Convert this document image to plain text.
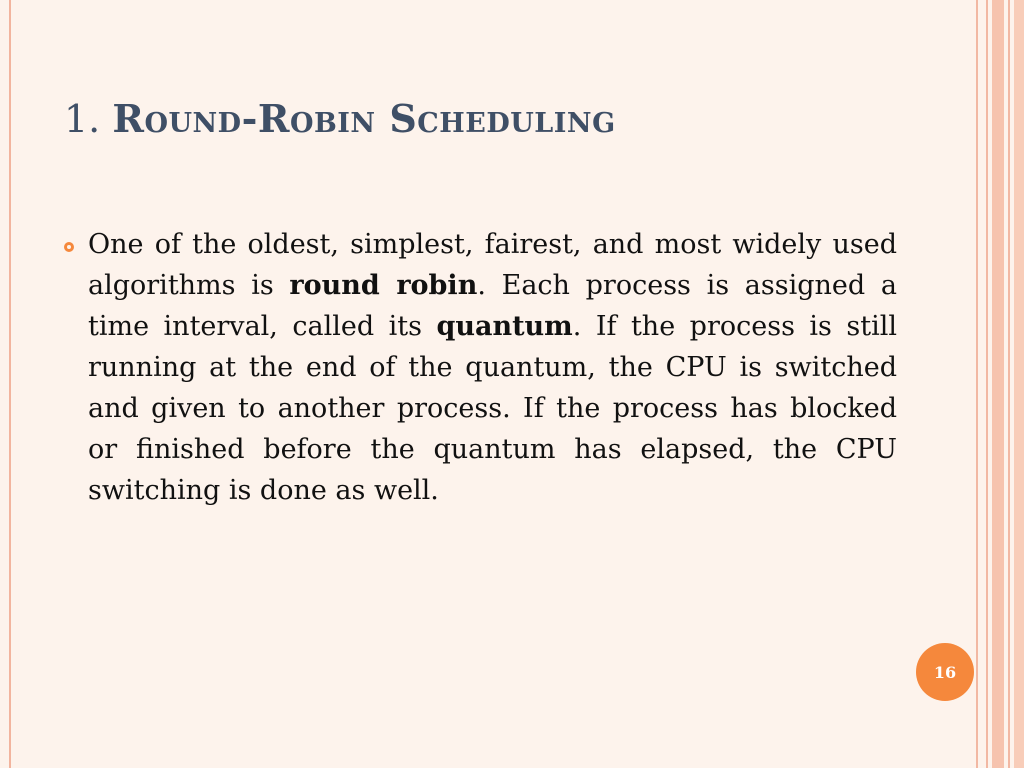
1. Round-Robin Scheduling

One of the oldest, simplest, fairest, and most widely used algorithms is round robin. Each process is assigned a time interval, called its quantum. If the process is still running at the end of the quantum, the CPU is switched and given to another process. If the process has blocked or finished before the quantum has elapsed, the CPU switching is done as well.

16
